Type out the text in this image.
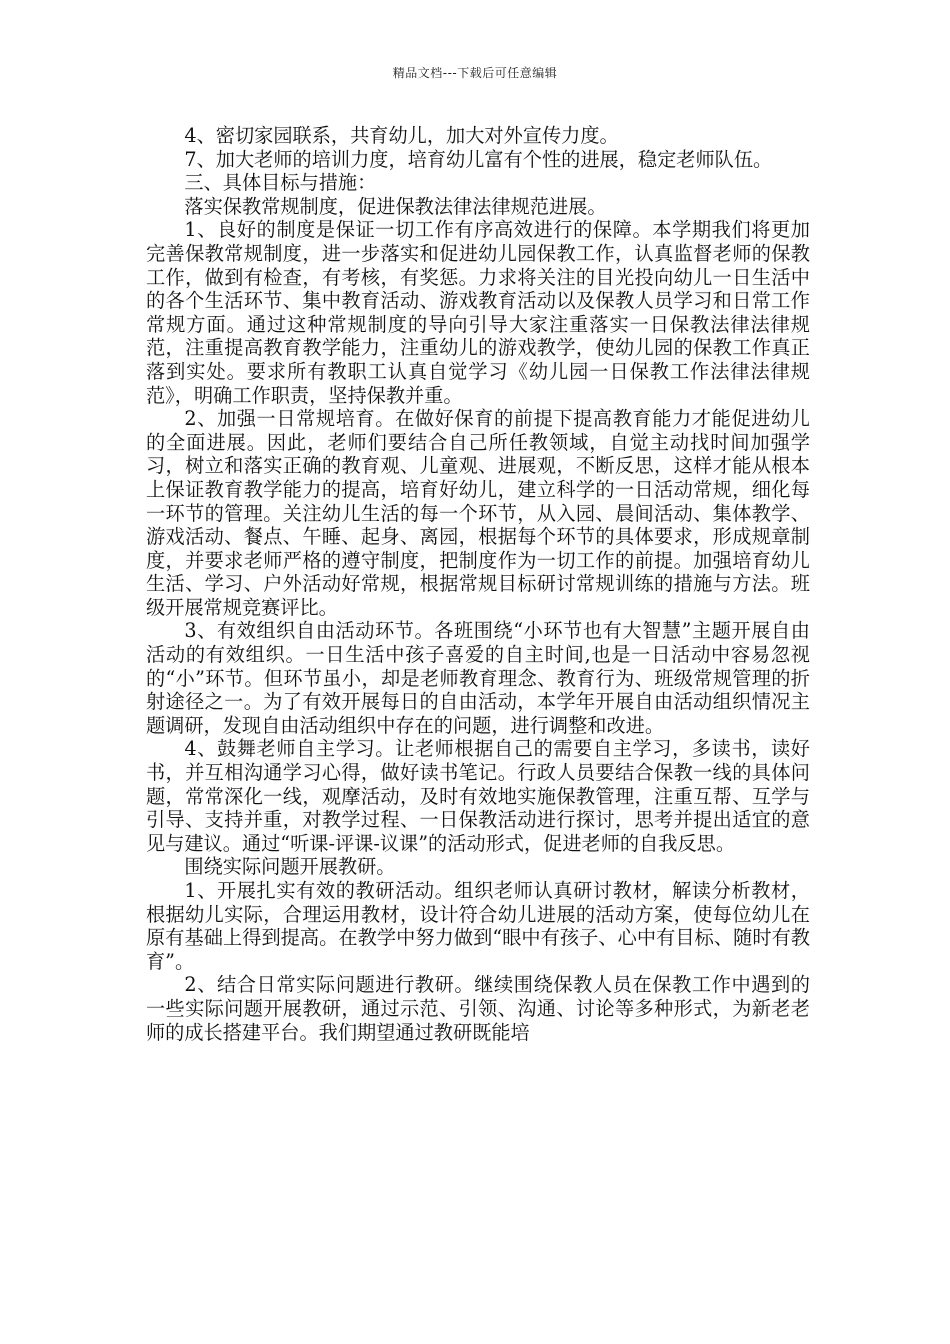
精品文档---下载后可任意编辑

4、密切家园联系，共育幼儿，加大对外宣传力度。

7、加大老师的培训力度，培育幼儿富有个性的进展，稳定老师队伍。

三、具体目标与措施：

落实保教常规制度，促进保教法律法律规范进展。

1、良好的制度是保证一切工作有序高效进行的保障。本学期我们将更加完善保教常规制度，进一步落实和促进幼儿园保教工作，认真监督老师的保教工作，做到有检查，有考核，有奖惩。力求将关注的目光投向幼儿一日生活中的各个生活环节、集中教育活动、游戏教育活动以及保教人员学习和日常工作常规方面。通过这种常规制度的导向引导大家注重落实一日保教法律法律规范，注重提高教育教学能力，注重幼儿的游戏教学，使幼儿园的保教工作真正落到实处。要求所有教职工认真自觉学习《幼儿园一日保教工作法律法律规范》，明确工作职责，坚持保教并重。

2、加强一日常规培育。在做好保育的前提下提高教育能力才能促进幼儿的全面进展。因此，老师们要结合自己所任教领域，自觉主动找时间加强学习，树立和落实正确的教育观、儿童观、进展观，不断反思，这样才能从根本上保证教育教学能力的提高，培育好幼儿，建立科学的一日活动常规，细化每一环节的管理。关注幼儿生活的每一个环节，从入园、晨间活动、集体教学、游戏活动、餐点、午睡、起身、离园，根据每个环节的具体要求，形成规章制度，并要求老师严格的遵守制度，把制度作为一切工作的前提。加强培育幼儿生活、学习、户外活动好常规，根据常规目标研讨常规训练的措施与方法。班级开展常规竞赛评比。

3、有效组织自由活动环节。各班围绕“小环节也有大智慧”主题开展自由活动的有效组织。一日生活中孩子喜爱的自主时间,也是一日活动中容易忽视的“小”环节。但环节虽小，却是老师教育理念、教育行为、班级常规管理的折射途径之一。为了有效开展每日的自由活动，本学年开展自由活动组织情况主题调研，发现自由活动组织中存在的问题，进行调整和改进。

4、鼓舞老师自主学习。让老师根据自己的需要自主学习，多读书，读好书，并互相沟通学习心得，做好读书笔记。行政人员要结合保教一线的具体问题，常常深化一线，观摩活动，及时有效地实施保教管理，注重互帮、互学与引导、支持并重，对教学过程、一日保教活动进行探讨，思考并提出适宜的意见与建议。通过“听课-评课-议课”的活动形式，促进老师的自我反思。

围绕实际问题开展教研。

1、开展扎实有效的教研活动。组织老师认真研讨教材，解读分析教材，根据幼儿实际，合理运用教材，设计符合幼儿进展的活动方案，使每位幼儿在原有基础上得到提高。在教学中努力做到“眼中有孩子、心中有目标、随时有教育”。

2、结合日常实际问题进行教研。继续围绕保教人员在保教工作中遇到的一些实际问题开展教研，通过示范、引领、沟通、讨论等多种形式，为新老老师的成长搭建平台。我们期望通过教研既能培
